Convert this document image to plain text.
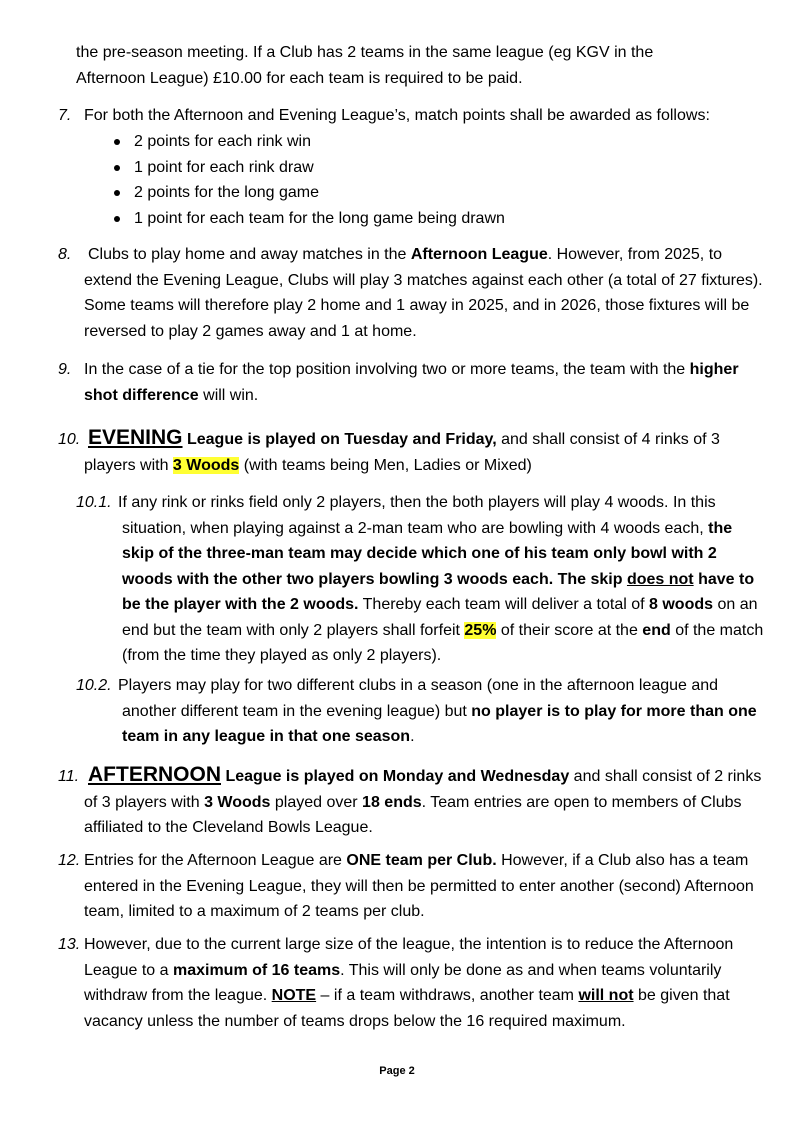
the pre-season meeting. If a Club has 2 teams in the same league (eg KGV in the
Afternoon League) £10.00 for each team is required to be paid.
7. For both the Afternoon and Evening League’s, match points shall be awarded as follows:
2 points for each rink win
1 point for each rink draw
2 points for the long game
1 point for each team for the long game being drawn
8.	Clubs to play home and away matches in the Afternoon League. However, from 2025, to extend the Evening League, Clubs will play 3 matches against each other (a total of 27 fixtures). Some teams will therefore play 2 home and 1 away in 2025, and in 2026, those fixtures will be reversed to play 2 games away and 1 at home.
9. In the case of a tie for the top position involving two or more teams, the team with the higher shot difference will win.
10. EVENING League is played on Tuesday and Friday, and shall consist of 4 rinks of 3 players with 3 Woods (with teams being Men, Ladies or Mixed)
10.1. If any rink or rinks field only 2 players, then the both players will play 4 woods. In this situation, when playing against a 2-man team who are bowling with 4 woods each, the skip of the three-man team may decide which one of his team only bowl with 2 woods with the other two players bowling 3 woods each. The skip does not have to be the player with the 2 woods. Thereby each team will deliver a total of 8 woods on an end but the team with only 2 players shall forfeit 25% of their score at the end of the match (from the time they played as only 2 players).
10.2. Players may play for two different clubs in a season (one in the afternoon league and another different team in the evening league) but no player is to play for more than one team in any league in that one season.
11. AFTERNOON League is played on Monday and Wednesday and shall consist of 2 rinks of 3 players with 3 Woods played over 18 ends. Team entries are open to members of Clubs affiliated to the Cleveland Bowls League.
12. Entries for the Afternoon League are ONE team per Club. However, if a Club also has a team entered in the Evening League, they will then be permitted to enter another (second) Afternoon team, limited to a maximum of 2 teams per club.
13. However, due to the current large size of the league, the intention is to reduce the Afternoon League to a maximum of 16 teams. This will only be done as and when teams voluntarily withdraw from the league. NOTE – if a team withdraws, another team will not be given that vacancy unless the number of teams drops below the 16 required maximum.
Page 2
